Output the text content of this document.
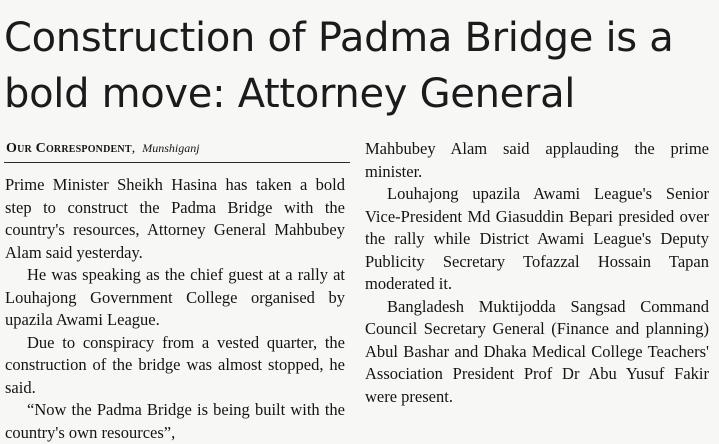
Construction of Padma Bridge is a bold move: Attorney General
Our Correspondent, Munshiganj

Prime Minister Sheikh Hasina has taken a bold step to construct the Padma Bridge with the country's resources, Attorney General Mahbubey Alam said yesterday.

He was speaking as the chief guest at a rally at Louhajong Government College organised by upazila Awami League.

Due to conspiracy from a vested quarter, the construction of the bridge was almost stopped, he said.

“Now the Padma Bridge is being built with the country's own resources”,

Mahbubey Alam said applauding the prime minister.

Louhajong upazila Awami League's Senior Vice-President Md Giasuddin Bepari presided over the rally while District Awami League's Deputy Publicity Secretary Tofazzal Hossain Tapan moderated it.

Bangladesh Muktijodda Sangsad Command Council Secretary General (Finance and planning) Abul Bashar and Dhaka Medical College Teachers' Association President Prof Dr Abu Yusuf Fakir were present.
